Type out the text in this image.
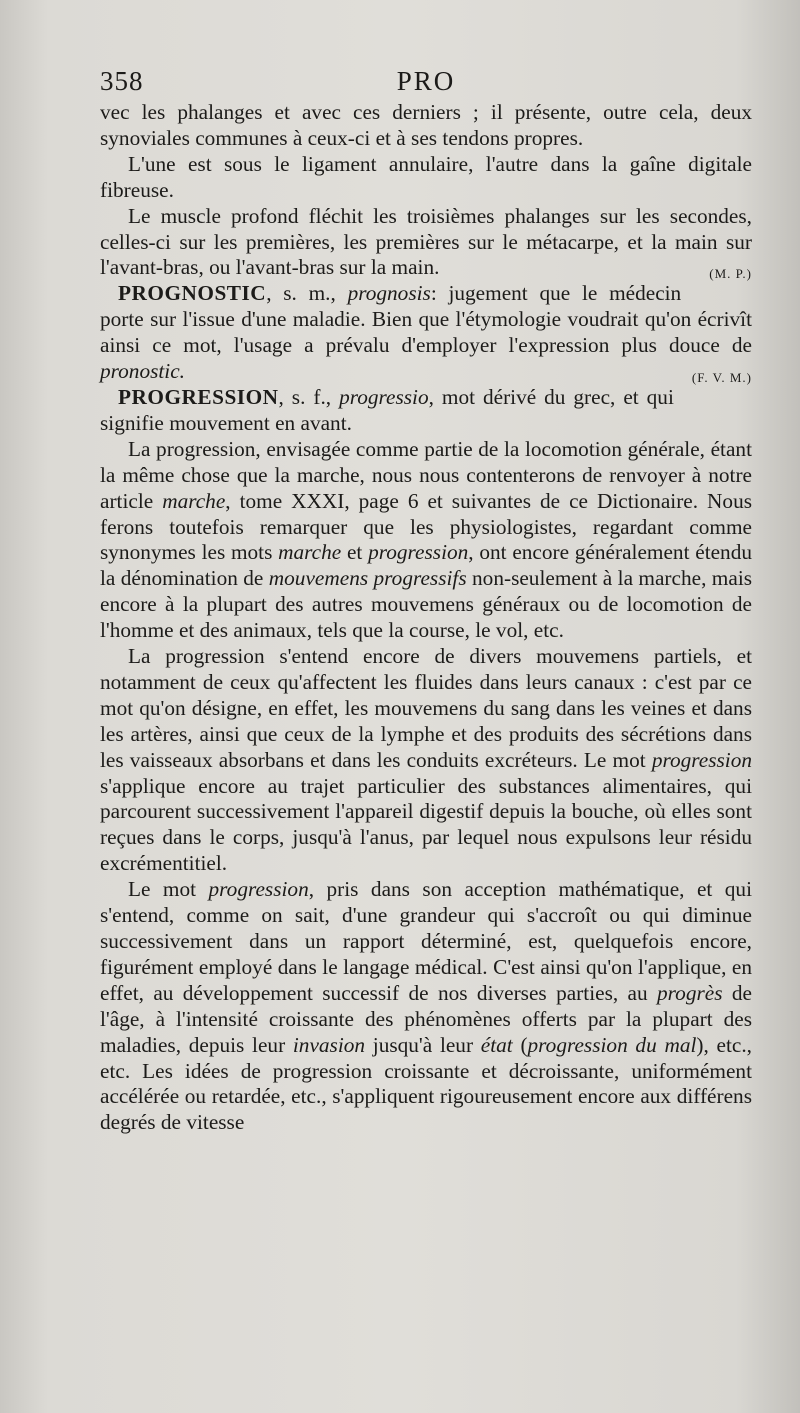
358	PRO

vec les phalanges et avec ces derniers ; il présente, outre cela, deux synoviales communes à ceux-ci et à ses tendons propres.

L'une est sous le ligament annulaire, l'autre dans la gaîne digitale fibreuse.

Le muscle profond fléchit les troisièmes phalanges sur les secondes, celles-ci sur les premières, les premières sur le métacarpe, et la main sur l'avant-bras, ou l'avant-bras sur la main.	(M. P.)

PROGNOSTIC, s. m., prognosis: jugement que le médecin porte sur l'issue d'une maladie. Bien que l'étymologie voudrait qu'on écrivît ainsi ce mot, l'usage a prévalu d'employer l'expression plus douce de pronostic.	(F. V. M.)

PROGRESSION, s. f., progressio, mot dérivé du grec, et qui signifie mouvement en avant.

La progression, envisagée comme partie de la locomotion générale, étant la même chose que la marche, nous nous contenterons de renvoyer à notre article marche, tome XXXI, page 6 et suivantes de ce Dictionaire. Nous ferons toutefois remarquer que les physiologistes, regardant comme synonymes les mots marche et progression, ont encore généralement étendu la dénomination de mouvemens progressifs non-seulement à la marche, mais encore à la plupart des autres mouvemens généraux ou de locomotion de l'homme et des animaux, tels que la course, le vol, etc.

La progression s'entend encore de divers mouvemens partiels, et notamment de ceux qu'affectent les fluides dans leurs canaux : c'est par ce mot qu'on désigne, en effet, les mouvemens du sang dans les veines et dans les artères, ainsi que ceux de la lymphe et des produits des sécrétions dans les vaisseaux absorbans et dans les conduits excréteurs. Le mot progression s'applique encore au trajet particulier des substances alimentaires, qui parcourent successivement l'appareil digestif depuis la bouche, où elles sont reçues dans le corps, jusqu'à l'anus, par lequel nous expulsons leur résidu excrémentitiel.

Le mot progression, pris dans son acception mathématique, et qui s'entend, comme on sait, d'une grandeur qui s'accroît ou qui diminue successivement dans un rapport déterminé, est, quelquefois encore, figurément employé dans le langage médical. C'est ainsi qu'on l'applique, en effet, au développement successif de nos diverses parties, au progrès de l'âge, à l'intensité croissante des phénomènes offerts par la plupart des maladies, depuis leur invasion jusqu'à leur état (progression du mal), etc., etc. Les idées de progression croissante et décroissante, uniformément accélérée ou retardée, etc., s'appliquent rigoureusement encore aux différens degrés de vitesse
